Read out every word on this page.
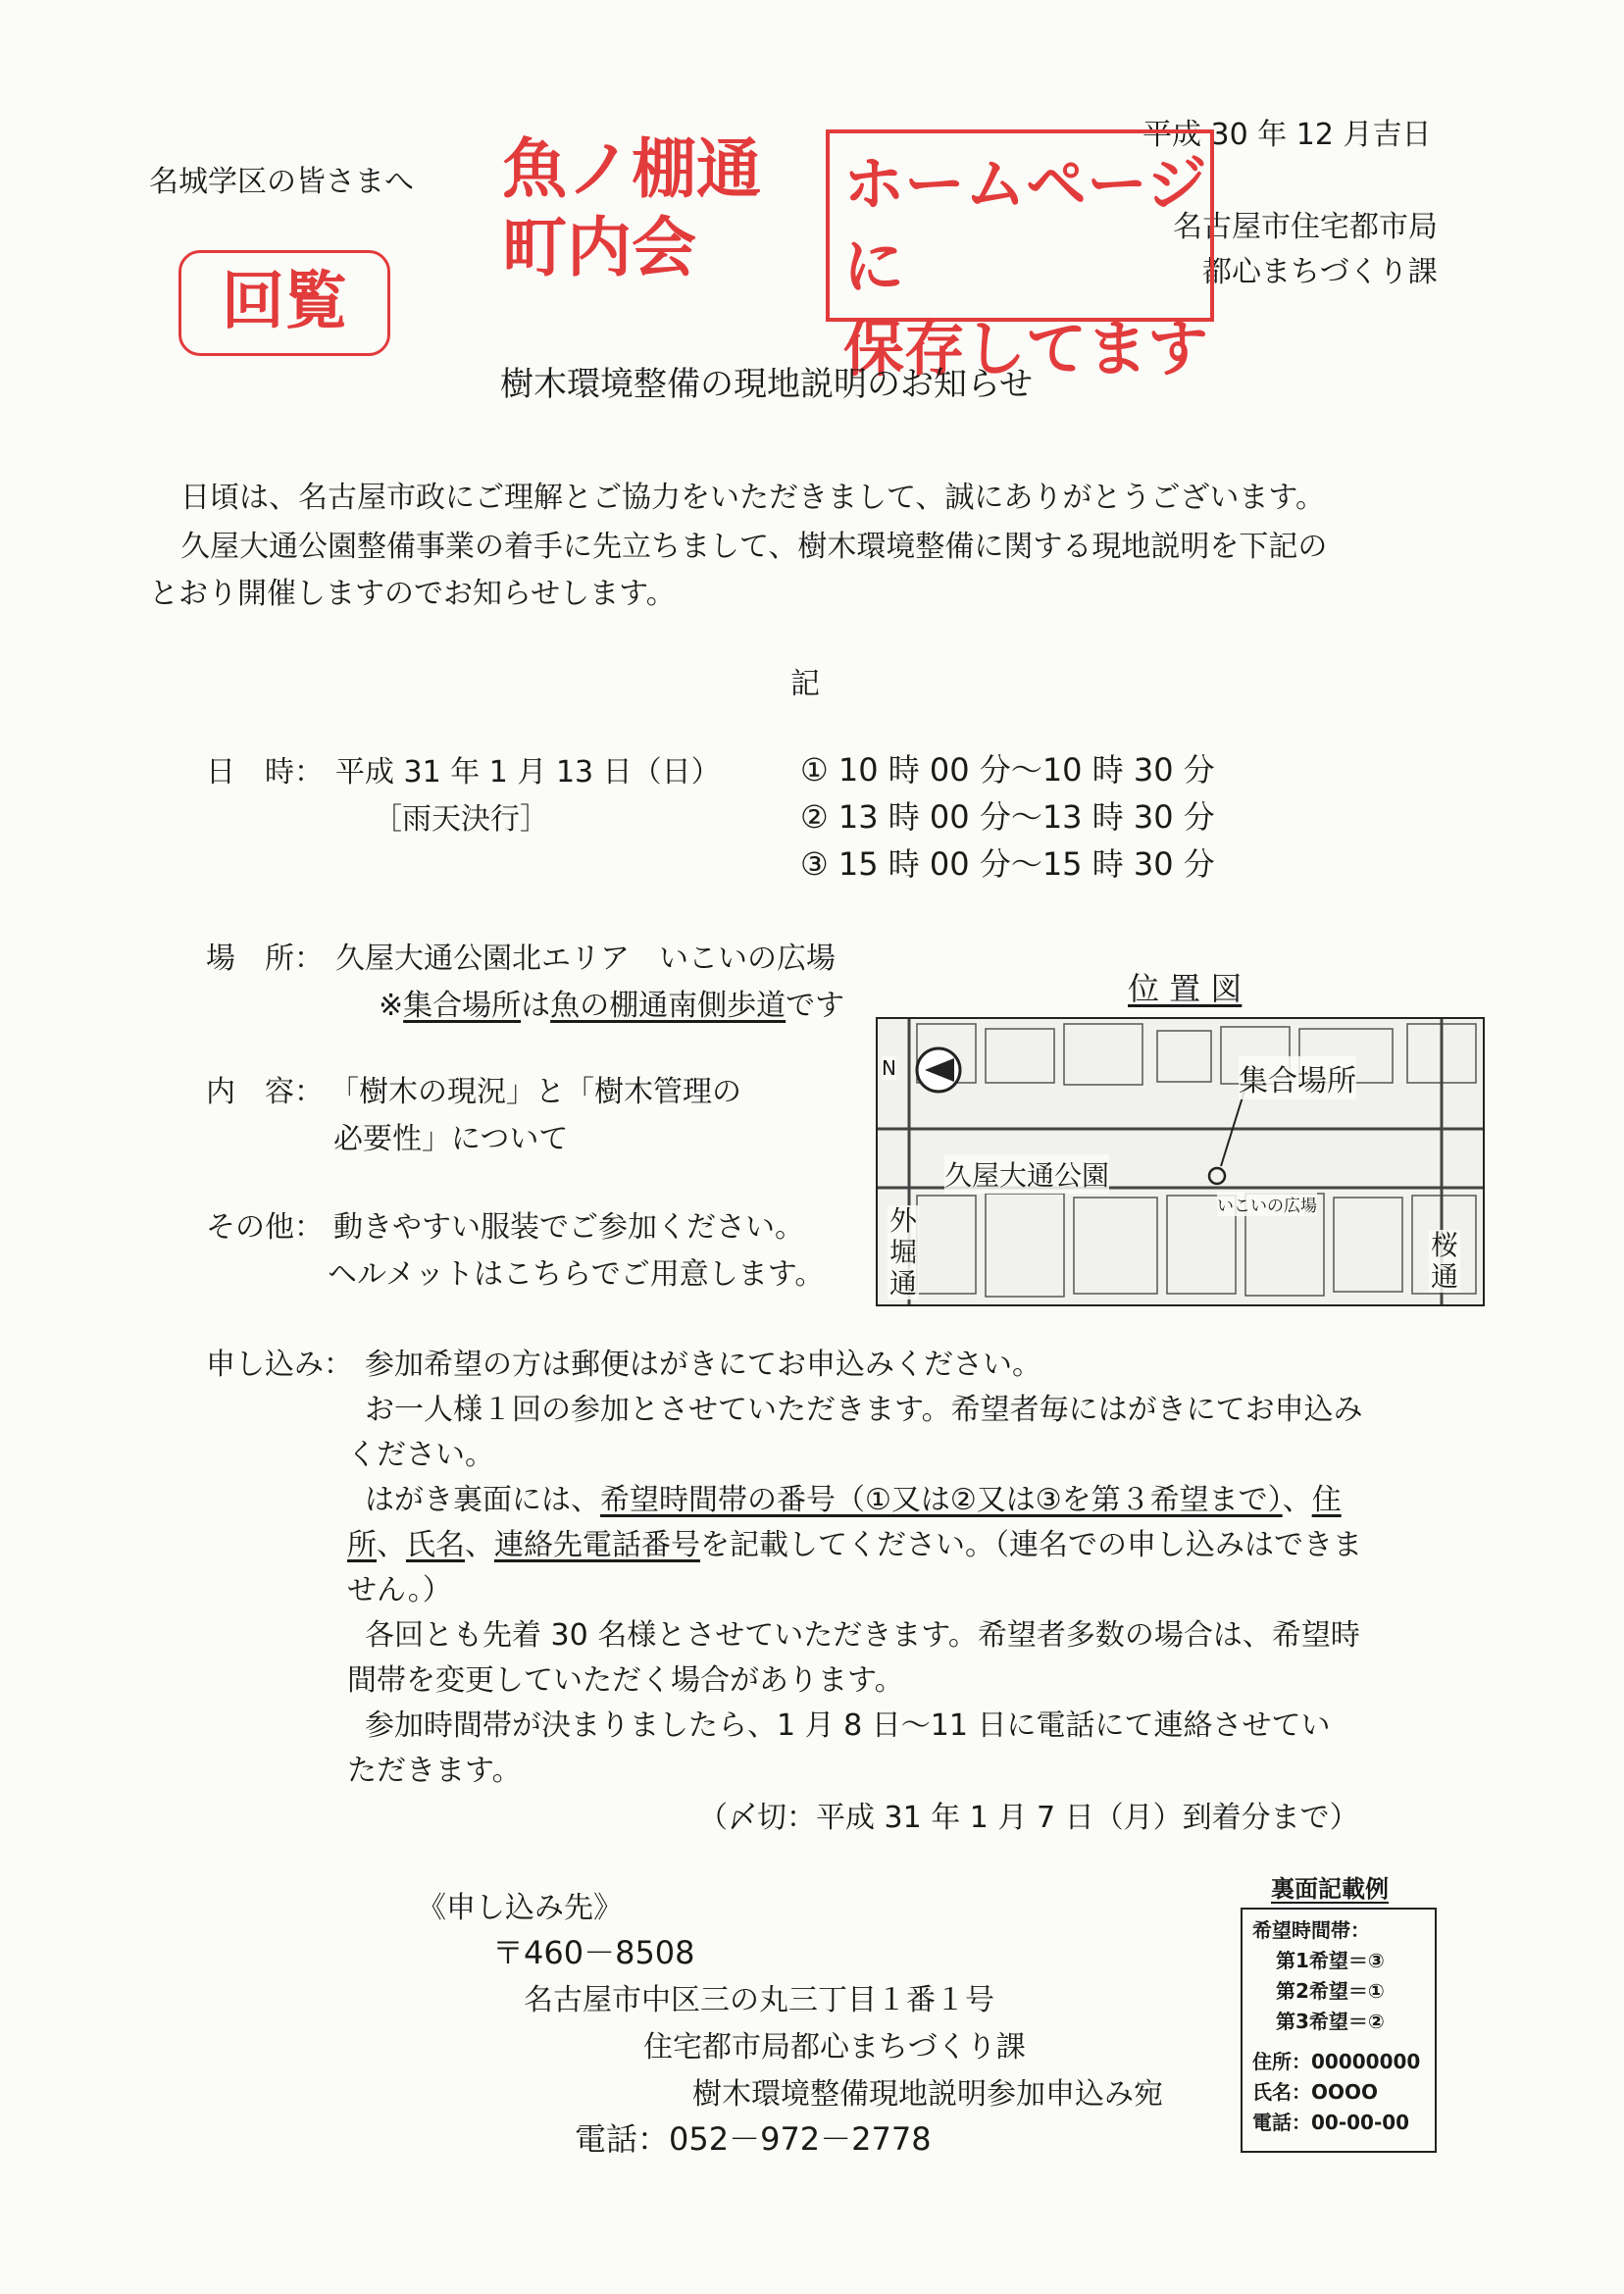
名城学区の皆さまへ
平成 30 年 12 月吉日
名古屋市住宅都市局
都心まちづくり課
回覧
魚ノ棚通
町内会
ホームページに
保存してます
樹木環境整備の現地説明のお知らせ
日頃は、名古屋市政にご理解とご協力をいただきまして、誠にありがとうございます。
久屋大通公園整備事業の着手に先立ちまして、樹木環境整備に関する現地説明を下記の
とおり開催しますのでお知らせします。
記
日　時： 平成 31 年 1 月 13 日（日）
［雨天決行］
① 10 時 00 分～10 時 30 分
② 13 時 00 分～13 時 30 分
③ 15 時 00 分～15 時 30 分
場　所： 久屋大通公園北エリア　いこいの広場
※集合場所は魚の棚通南側歩道です	位 置 図
集合場所
久屋大通公園
いこいの広場
外堀通
桜通
N
内　容： 「樹木の現況」と「樹木管理の
必要性」について
その他： 動きやすい服装でご参加ください。
ヘルメットはこちらでご用意します。
申し込み： 参加希望の方は郵便はがきにてお申込みください。
お一人様１回の参加とさせていただきます。希望者毎にはがきにてお申込み
ください。
はがき裏面には、希望時間帯の番号（①又は②又は③を第３希望まで）、住
所、氏名、連絡先電話番号を記載してください。（連名での申し込みはできま
せん。）
各回とも先着 30 名様とさせていただきます。希望者多数の場合は、希望時
間帯を変更していただく場合があります。
参加時間帯が決まりましたら、1 月 8 日～11 日に電話にて連絡させてい
ただきます。
（〆切：平成 31 年 1 月 7 日（月）到着分まで）
《申し込み先》
〒460－8508
名古屋市中区三の丸三丁目１番１号
住宅都市局都心まちづくり課
樹木環境整備現地説明参加申込み宛
電話：052－972－2778
裏面記載例
希望時間帯：
第1希望＝③
第2希望＝①
第3希望＝②
住所：00000000
氏名：OOOO
電話：00-00-00
